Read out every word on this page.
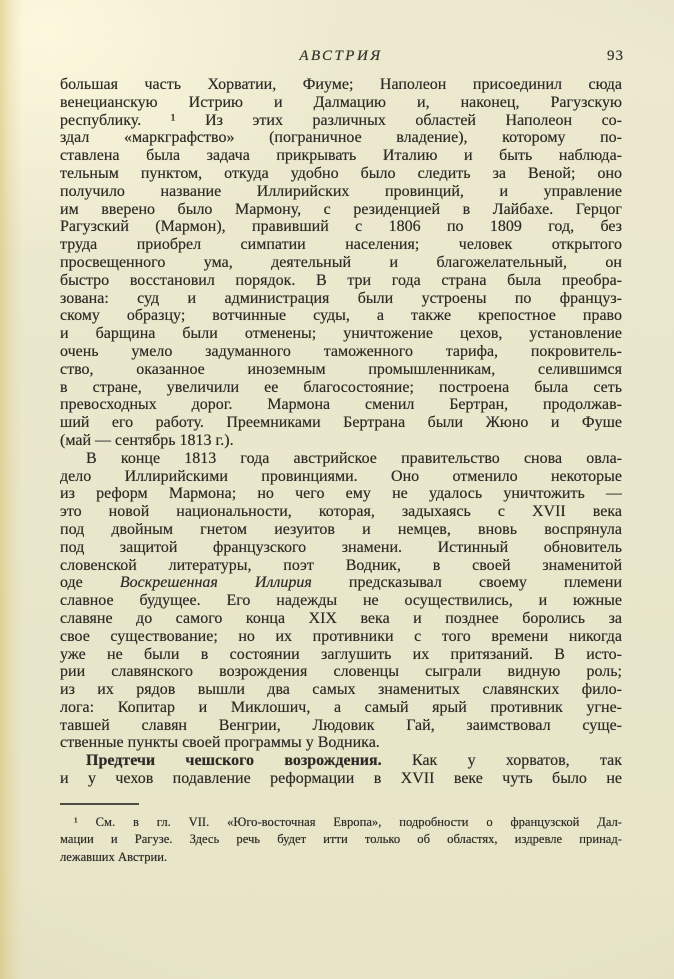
АВСТРИЯ	93
большая часть Хорватии, Фиуме; Наполеон присоединил сюда
венецианскую Истрию и Далмацию и, наконец, Рагузскую
республику. ¹ Из этих различных областей Наполеон со-
здал «маркграфство» (пограничное владение), которому по-
ставлена была задача прикрывать Италию и быть наблюда-
тельным пунктом, откуда удобно было следить за Веной; оно
получило название Иллирийских провинций, и управление
им вверено было Мармону, с резиденцией в Лайбахе. Герцог
Рагузский (Мармон), правивший с 1806 по 1809 год, без
труда приобрел симпатии населения; человек открытого
просвещенного ума, деятельный и благожелательный, он
быстро восстановил порядок. В три года страна была преобра-
зована: суд и администрация были устроены по француз-
скому образцу; вотчинные суды, а также крепостное право
и барщина были отменены; уничтожение цехов, установление
очень умело задуманного таможенного тарифа, покровитель-
ство, оказанное иноземным промышленникам, селившимся
в стране, увеличили ее благосостояние; построена была сеть
превосходных дорог. Мармона сменил Бертран, продолжав-
ший его работу. Преемниками Бертрана были Жюно и Фуше
(май — сентябрь 1813 г.).
В конце 1813 года австрийское правительство снова овла-
дело Иллирийскими провинциями. Оно отменило некоторые
из реформ Мармона; но чего ему не удалось уничтожить —
это новой национальности, которая, задыхаясь с XVII века
под двойным гнетом иезуитов и немцев, вновь воспрянула
под защитой французского знамени. Истинный обновитель
словенской литературы, поэт Водник, в своей знаменитой
оде Воскрешенная Иллирия предсказывал своему племени
славное будущее. Его надежды не осуществились, и южные
славяне до самого конца XIX века и позднее боролись за
свое существование; но их противники с того времени никогда
уже не были в состоянии заглушить их притязаний. В исто-
рии славянского возрождения словенцы сыграли видную роль;
из их рядов вышли два самых знаменитых славянских фило-
лога: Копитар и Миклошич, а самый ярый противник угне-
тавшей славян Венгрии, Людовик Гай, заимствовал суще-
ственные пункты своей программы у Водника.
Предтечи чешского возрождения. Как у хорватов, так
и у чехов подавление реформации в XVII веке чуть было не
¹ См. в гл. VII. «Юго-восточная Европа», подробности о французской Дал-
мации и Рагузе. Здесь речь будет итти только об областях, издревле принад-
лежавших Австрии.
